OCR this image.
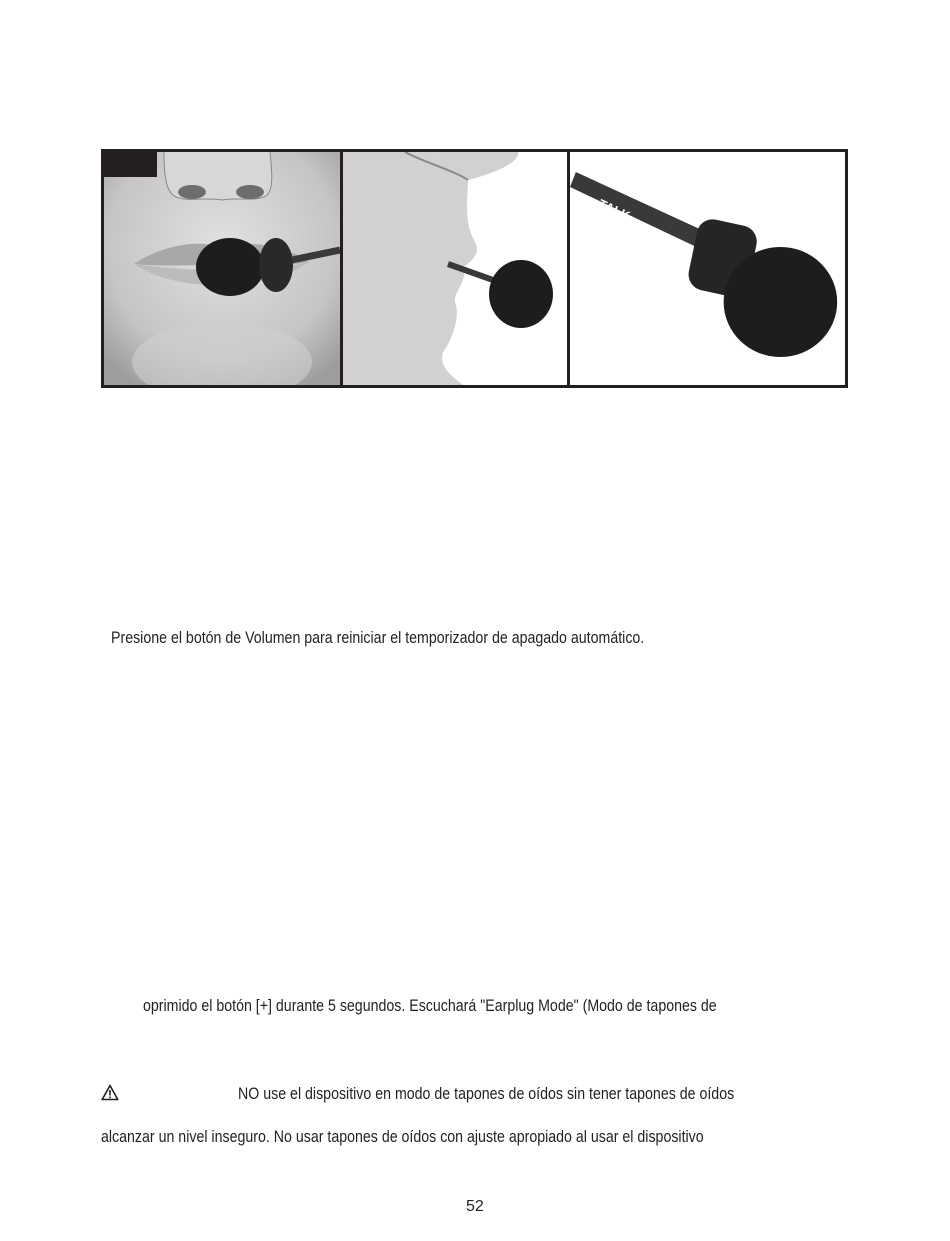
TALK
Presione el botón de Volumen para reiniciar el temporizador de apagado automático.
oprimido el botón [+] durante 5 segundos. Escuchará "Earplug Mode" (Modo de tapones de
NO use el dispositivo en modo de tapones de oídos sin tener tapones de oídos
alcanzar un nivel inseguro. No usar tapones de oídos con ajuste apropiado al usar el dispositivo
52
